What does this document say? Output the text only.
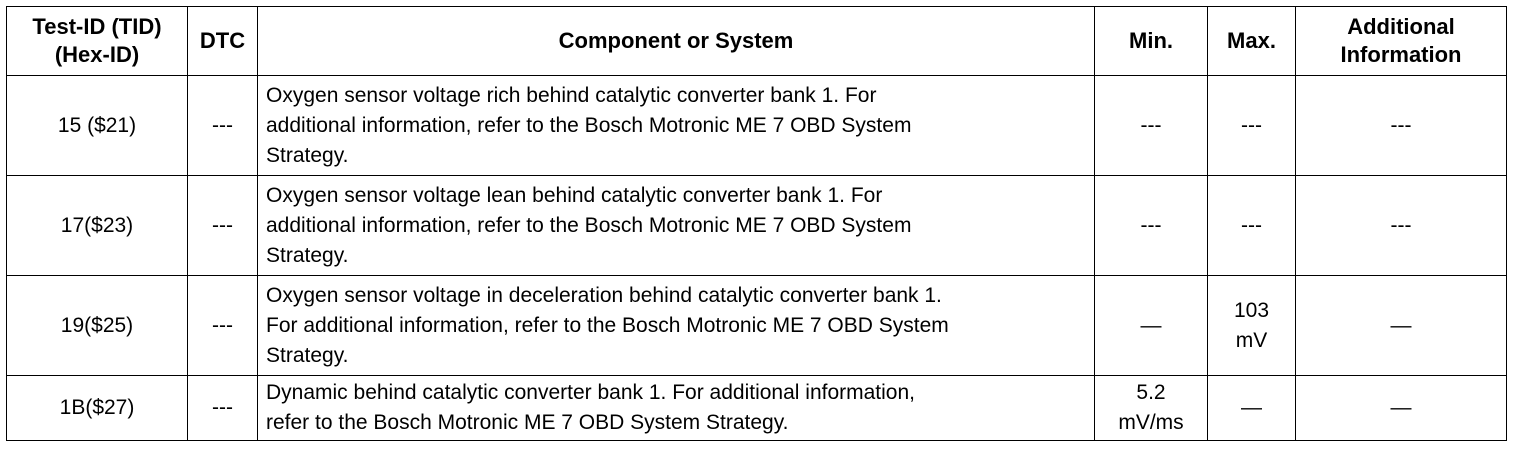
Test-ID (TID)
(Hex-ID)	DTC	Component or System	Min.	Max.	Additional
Information
15 ($21)	---	Oxygen sensor voltage rich behind catalytic converter bank 1. For
additional information, refer to the Bosch Motronic ME 7 OBD System
Strategy.	---	---	---
17($23)	---	Oxygen sensor voltage lean behind catalytic converter bank 1. For
additional information, refer to the Bosch Motronic ME 7 OBD System
Strategy.	---	---	---
19($25)	---	Oxygen sensor voltage in deceleration behind catalytic converter bank 1.
For additional information, refer to the Bosch Motronic ME 7 OBD System
Strategy.	—	103
mV	—
1B($27)	---	Dynamic behind catalytic converter bank 1. For additional information,
refer to the Bosch Motronic ME 7 OBD System Strategy.	5.2
mV/ms	—	—
